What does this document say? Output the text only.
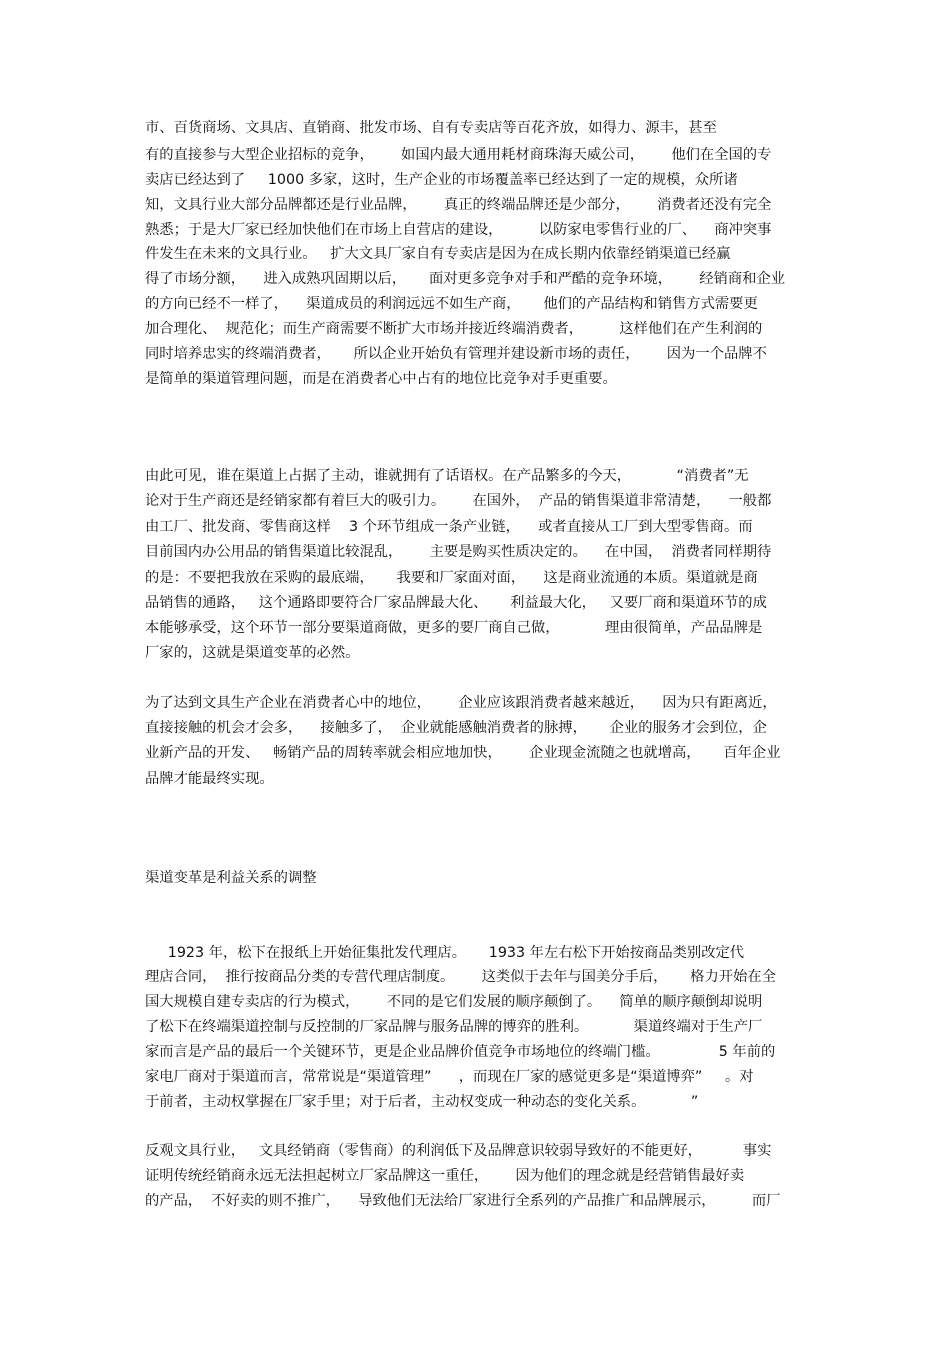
市、百货商场、文具店、直销商、批发市场、自有专卖店等百花齐放，如得力、源丰，甚至
有的直接参与大型企业招标的竞争，      如国内最大通用耗材商珠海天威公司，      他们在全国的专
卖店已经达到了     1000 多家，这时，生产企业的市场覆盖率已经达到了一定的规模，众所诸
知，文具行业大部分品牌都还是行业品牌，      真正的终端品牌还是少部分，      消费者还没有完全
熟悉；于是大厂家已经加快他们在市场上自营店的建设，        以防家电零售行业的厂、    商冲突事
件发生在未来的文具行业。   扩大文具厂家自有专卖店是因为在成长期内依靠经销渠道已经赢
得了市场分额，    进入成熟巩固期以后，     面对更多竞争对手和严酷的竞争环境，      经销商和企业
的方向已经不一样了，    渠道成员的利润远远不如生产商，     他们的产品结构和销售方式需要更
加合理化、  规范化；而生产商需要不断扩大市场并接近终端消费者，        这样他们在产生利润的
同时培养忠实的终端消费者，     所以企业开始负有管理并建设新市场的责任，      因为一个品牌不
是简单的渠道管理问题，而是在消费者心中占有的地位比竞争对手更重要。
由此可见，谁在渠道上占据了主动，谁就拥有了话语权。在产品繁多的今天，          “消费者”无
论对于生产商还是经销家都有着巨大的吸引力。      在国外，  产品的销售渠道非常清楚，    一般都
由工厂、批发商、零售商这样    3 个环节组成一条产业链，    或者直接从工厂到大型零售商。而
目前国内办公用品的销售渠道比较混乱，      主要是购买性质决定的。    在中国，  消费者同样期待
的是：不要把我放在采购的最底端，     我要和厂家面对面，    这是商业流通的本质。渠道就是商
品销售的通路，   这个通路即要符合厂家品牌最大化、     利益最大化，   又要厂商和渠道环节的成
本能够承受，这个环节一部分要渠道商做，更多的要厂商自己做，          理由很简单，产品品牌是
厂家的，这就是渠道变革的必然。
为了达到文具生产企业在消费者心中的地位，      企业应该跟消费者越来越近，    因为只有距离近，
直接接触的机会才会多，    接触多了，  企业就能感触消费者的脉搏，     企业的服务才会到位，企
业新产品的开发、   畅销产品的周转率就会相应地加快，      企业现金流随之也就增高，     百年企业
品牌才能最终实现。
渠道变革是利益关系的调整
1923 年，松下在报纸上开始征集批发代理店。     1933 年左右松下开始按商品类别改定代
理店合同，  推行按商品分类的专营代理店制度。      这类似于去年与国美分手后，     格力开始在全
国大规模自建专卖店的行为模式，      不同的是它们发展的顺序颠倒了。    简单的顺序颠倒却说明
了松下在终端渠道控制与反控制的厂家品牌与服务品牌的博弈的胜利。          渠道终端对于生产厂
家而言是产品的最后一个关键环节，更是企业品牌价值竞争市场地位的终端门槛。             5 年前的
家电厂商对于渠道而言，常常说是“渠道管理”      ，而现在厂家的感觉更多是“渠道博弈”     。对
于前者，主动权掌握在厂家手里；对于后者，主动权变成一种动态的变化关系。          ”
反观文具行业，   文具经销商（零售商）的利润低下及品牌意识较弱导致好的不能更好，         事实
证明传统经销商永远无法担起树立厂家品牌这一重任，      因为他们的理念就是经营销售最好卖
的产品，  不好卖的则不推广，    导致他们无法给厂家进行全系列的产品推广和品牌展示，        而厂
